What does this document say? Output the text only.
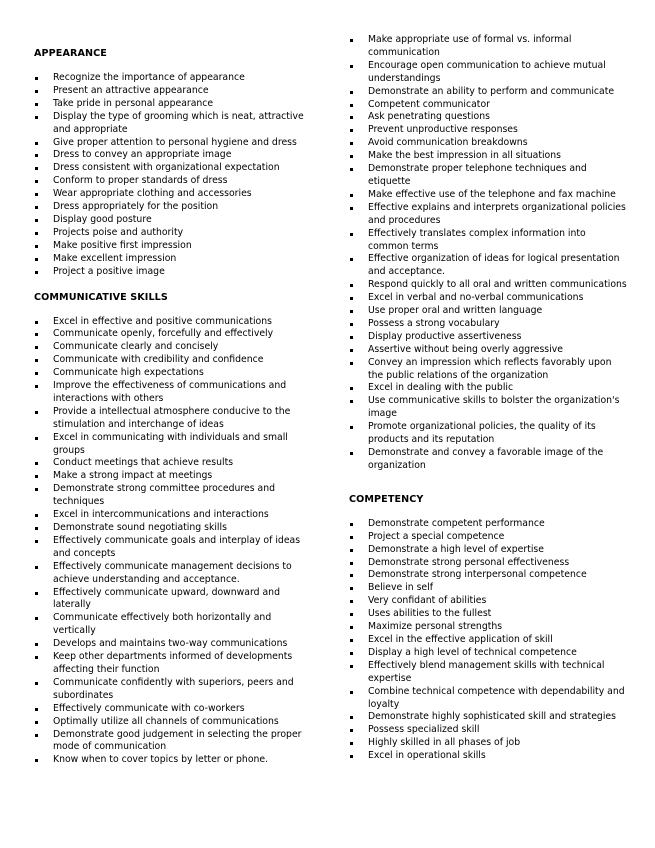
APPEARANCE
Recognize the importance of appearance
Present an attractive appearance
Take pride in personal appearance
Display the type of grooming which is neat, attractive and appropriate
Give proper attention to personal hygiene and dress
Dress to convey an appropriate image
Dress consistent with organizational expectation
Conform to proper standards of dress
Wear appropriate clothing and accessories
Dress appropriately for the position
Display good posture
Projects poise and authority
Make positive first impression
Make excellent impression
Project a positive image
COMMUNICATIVE SKILLS
Excel in effective and positive communications
Communicate openly, forcefully and effectively
Communicate clearly and concisely
Communicate with credibility and confidence
Communicate high expectations
Improve the effectiveness of communications and interactions with others
Provide a intellectual atmosphere conducive to the stimulation and interchange of ideas
Excel in communicating with individuals and small groups
Conduct meetings that achieve results
Make a strong impact at meetings
Demonstrate strong committee procedures and techniques
Excel in intercommunications and interactions
Demonstrate sound negotiating skills
Effectively communicate goals and interplay of ideas and concepts
Effectively communicate management decisions to achieve understanding and acceptance.
Effectively communicate upward, downward and laterally
Communicate effectively both horizontally and vertically
Develops and maintains two-way communications
Keep other departments informed of developments affecting their function
Communicate confidently with superiors, peers and subordinates
Effectively communicate with co-workers
Optimally utilize all channels of communications
Demonstrate good judgement in selecting the proper mode of communication
Know when to cover topics by letter or phone.
Make appropriate use of formal vs. informal communication
Encourage open communication to achieve mutual understandings
Demonstrate an ability to perform and communicate
Competent communicator
Ask penetrating questions
Prevent unproductive responses
Avoid communication breakdowns
Make the best impression in all situations
Demonstrate proper telephone techniques and etiquette
Make effective use of the telephone and fax machine
Effective explains and interprets organizational policies and procedures
Effectively translates complex information into common terms
Effective organization of ideas for logical presentation and acceptance.
Respond quickly to all oral and written communications
Excel in verbal and no-verbal communications
Use proper oral and written language
Possess a strong vocabulary
Display productive assertiveness
Assertive without being overly aggressive
Convey an impression which reflects favorably upon the public relations of the organization
Excel in dealing with the public
Use communicative skills to bolster the organization's image
Promote organizational policies, the quality of its products and its reputation
Demonstrate and convey a favorable image of the organization
COMPETENCY
Demonstrate competent performance
Project a special competence
Demonstrate a high level of expertise
Demonstrate strong personal effectiveness
Demonstrate strong interpersonal competence
Believe in self
Very confidant of abilities
Uses abilities to the fullest
Maximize personal strengths
Excel in the effective application of skill
Display a high level of technical competence
Effectively blend management skills with technical expertise
Combine technical competence with dependability and loyalty
Demonstrate highly sophisticated skill and strategies
Possess specialized skill
Highly skilled in all phases of job
Excel in operational skills
